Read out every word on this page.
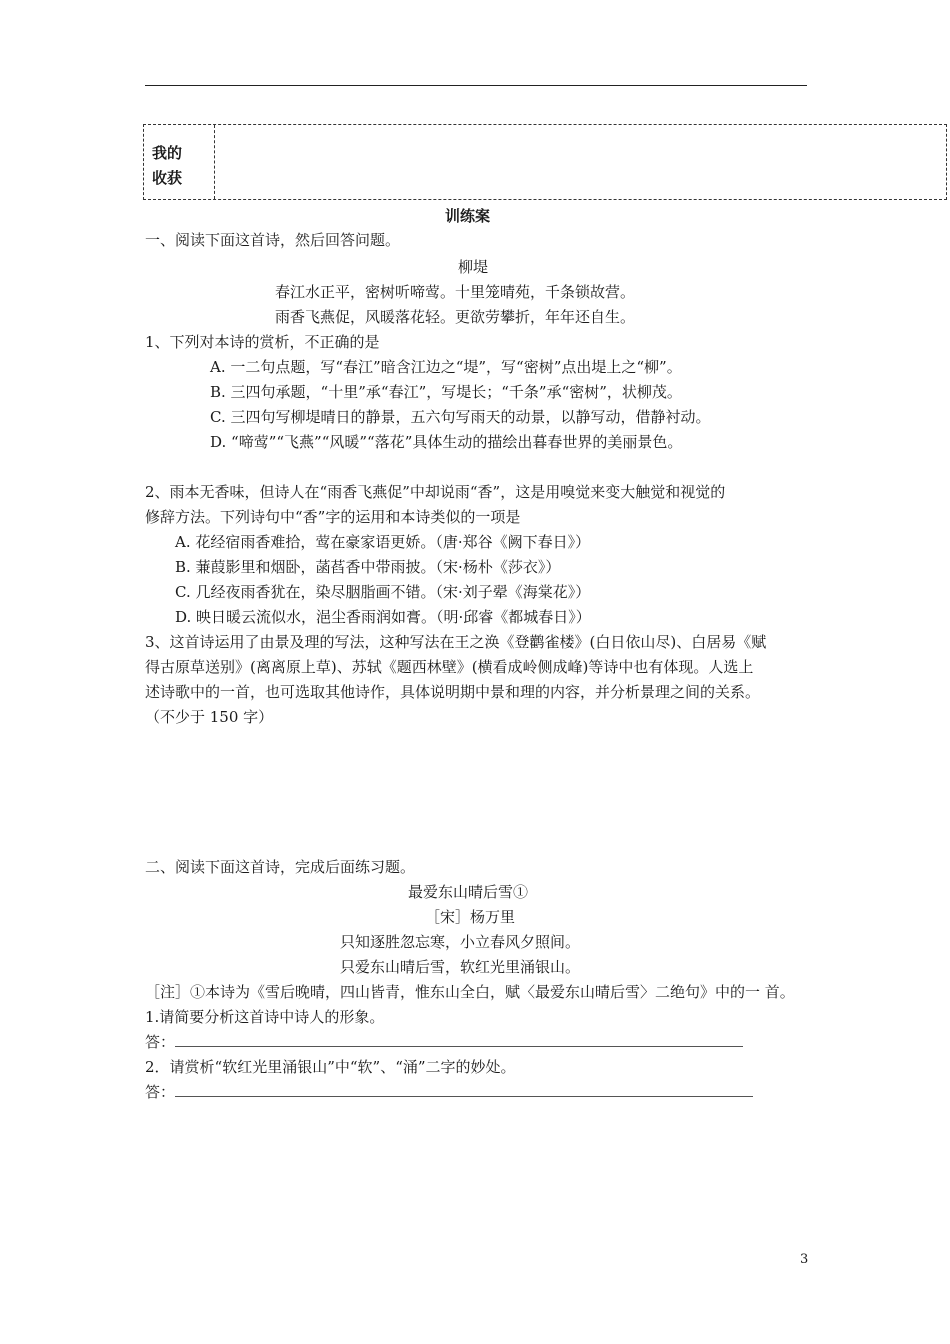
我的
收获
训练案
一、阅读下面这首诗，然后回答问题。
柳堤
春江水正平，密树听啼莺。十里笼晴苑，千条锁故营。
雨香飞燕促，风暖落花轻。更欲劳攀折，年年还自生。
1、下列对本诗的赏析，不正确的是
A. 一二句点题，写“春江”暗含江边之“堤”，写“密树”点出堤上之“柳”。
B. 三四句承题，“十里”承“春江”，写堤长；“千条”承“密树”，状柳茂。
C. 三四句写柳堤晴日的静景，五六句写雨天的动景，以静写动，借静衬动。
D. “啼莺”“飞燕”“风暖”“落花”具体生动的描绘出暮春世界的美丽景色。
2、雨本无香味，但诗人在“雨香飞燕促”中却说雨“香”，这是用嗅觉来变大触觉和视觉的
修辞方法。下列诗句中“香”字的运用和本诗类似的一项是
A. 花经宿雨香难拾，莺在豪家语更娇。（唐·郑谷《阙下春日》）
B. 蒹葭影里和烟卧，菡萏香中带雨披。（宋·杨朴《莎衣》）
C. 几经夜雨香犹在，染尽胭脂画不错。（宋·刘子翚《海棠花》）
D. 映日暖云流似水，浥尘香雨润如膏。（明·邱睿《都城春日》）
3、这首诗运用了由景及理的写法，这种写法在王之涣《登鹳雀楼》(白日依山尽)、白居易《赋
得古原草送别》(离离原上草)、苏轼《题西林壁》(横看成岭侧成峰)等诗中也有体现。人选上
述诗歌中的一首，也可选取其他诗作，具体说明期中景和理的内容，并分析景理之间的关系。
（不少于 150 字）
二、阅读下面这首诗，完成后面练习题。
最爱东山晴后雪①
［宋］杨万里
只知逐胜忽忘寒，小立春风夕照间。
只爱东山晴后雪，软红光里涌银山。
［注］①本诗为《雪后晚晴，四山皆青，惟东山全白，赋〈最爱东山晴后雪〉二绝句》中的一 首。
1.请简要分析这首诗中诗人的形象。
答：
2．请赏析“软红光里涌银山”中“软”、“涌”二字的妙处。
答：
3
